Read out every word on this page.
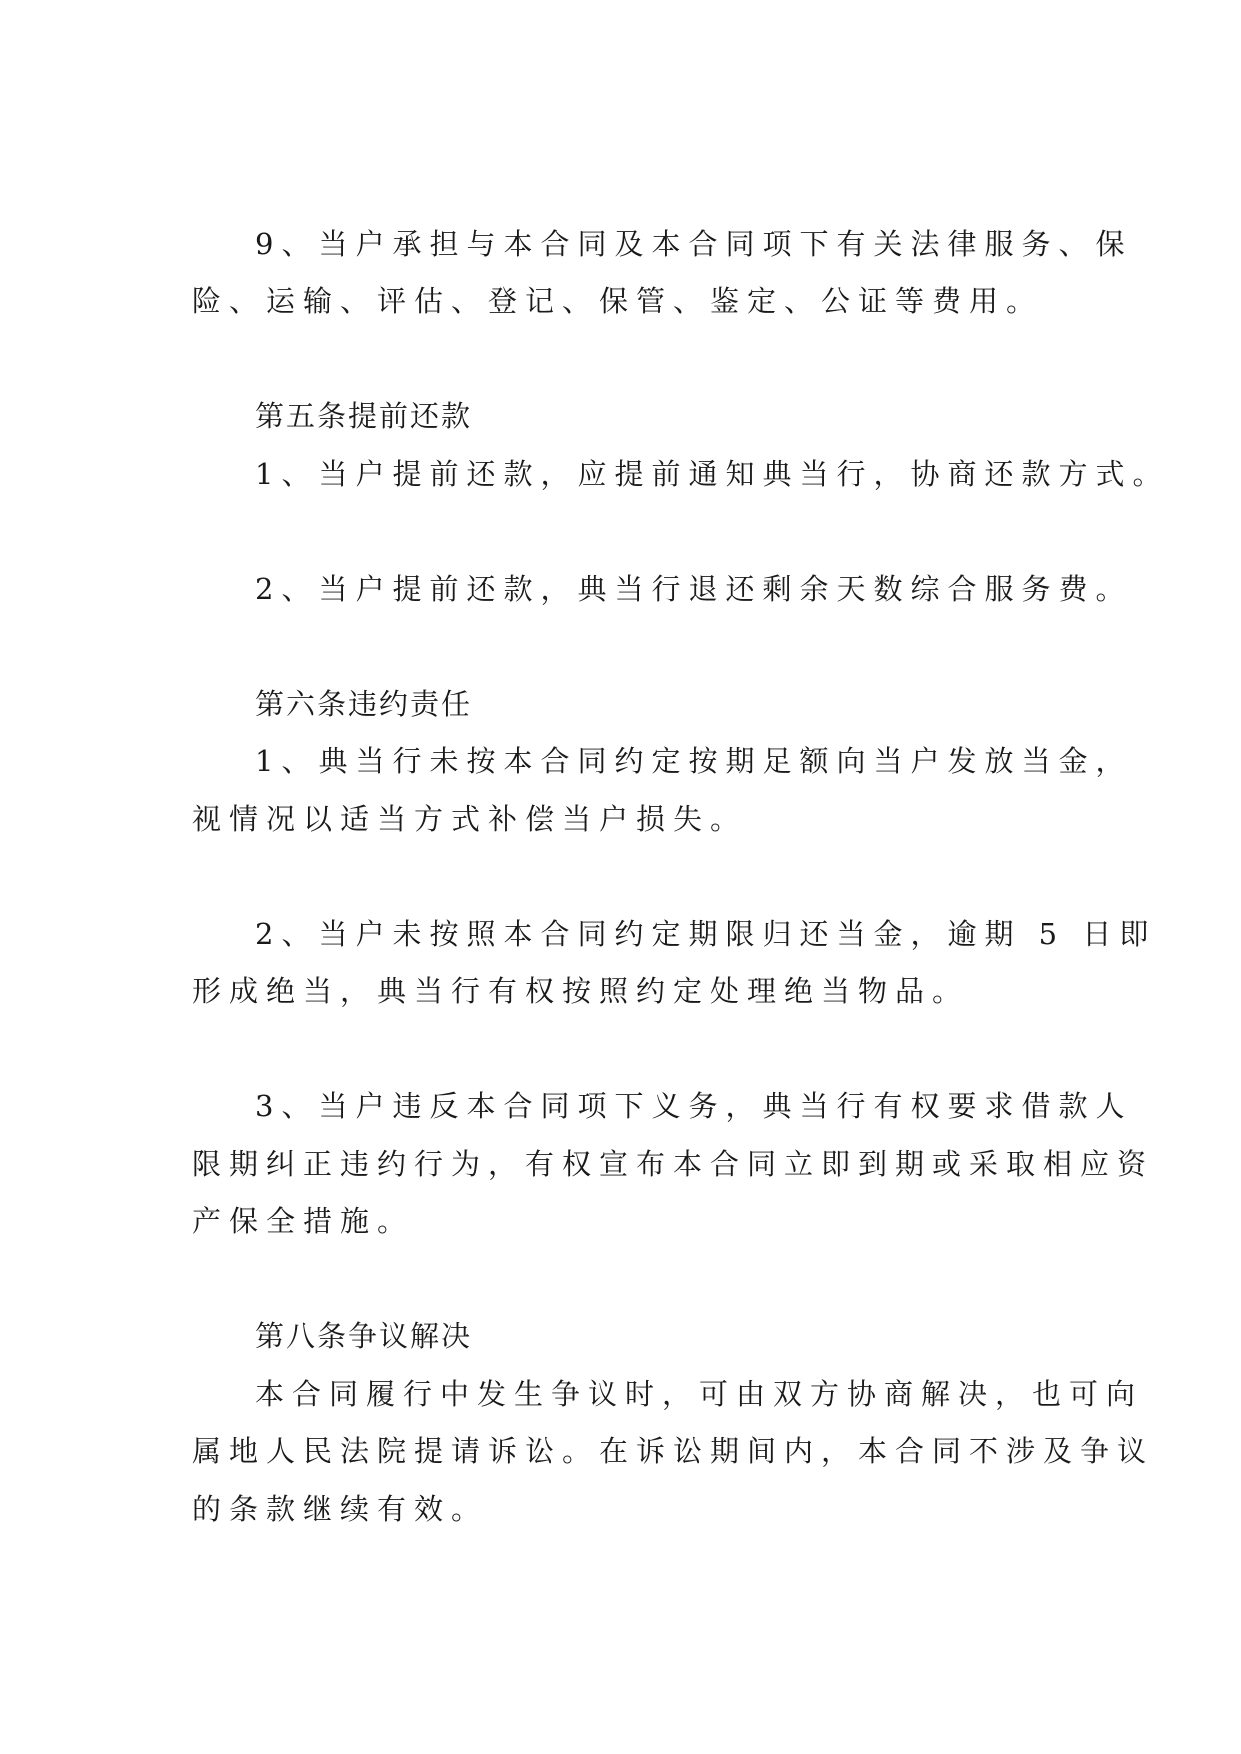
9、当户承担与本合同及本合同项下有关法律服务、保
险、运输、评估、登记、保管、鉴定、公证等费用。
第五条提前还款
1、当户提前还款，应提前通知典当行，协商还款方式。
2、当户提前还款，典当行退还剩余天数综合服务费。
第六条违约责任
1、典当行未按本合同约定按期足额向当户发放当金，
视情况以适当方式补偿当户损失。
2、当户未按照本合同约定期限归还当金，逾期 5 日即
形成绝当，典当行有权按照约定处理绝当物品。
3、当户违反本合同项下义务，典当行有权要求借款人
限期纠正违约行为，有权宣布本合同立即到期或采取相应资
产保全措施。
第八条争议解决
本合同履行中发生争议时，可由双方协商解决，也可向
属地人民法院提请诉讼。在诉讼期间内，本合同不涉及争议
的条款继续有效。
